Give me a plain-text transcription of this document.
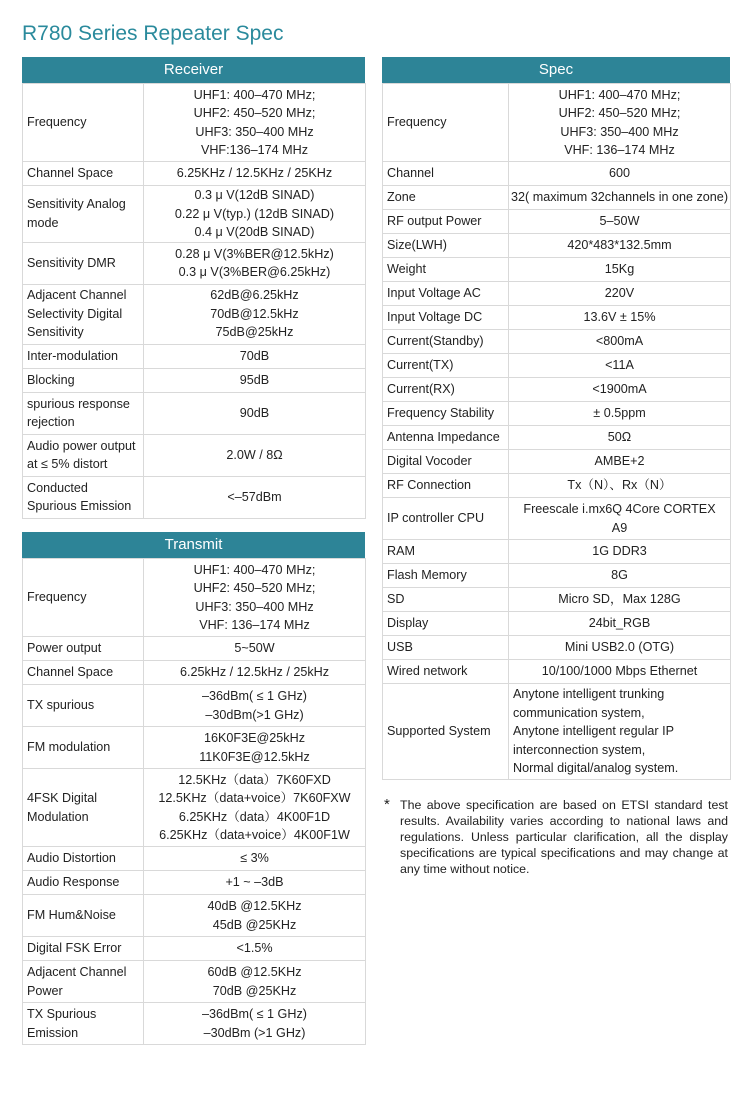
R780 Series Repeater Spec
Receiver
Frequency	UHF1: 400–470 MHz;
UHF2: 450–520 MHz;
UHF3: 350–400 MHz
VHF:136–174 MHz

Channel Space	6.25KHz / 12.5KHz / 25KHz

Sensitivity Analog mode	0.3 μ V(12dB SINAD)
0.22 μ V(typ.) (12dB SINAD)
0.4 μ V(20dB SINAD)

Sensitivity DMR	0.28 μ V(3%BER@12.5kHz)
0.3 μ V(3%BER@6.25kHz)

Adjacent Channel Selectivity Digital Sensitivity	62dB@6.25kHz
70dB@12.5kHz
75dB@25kHz

Inter-modulation	70dB

Blocking	95dB

spurious response rejection	90dB

Audio power output at ≤ 5% distort	2.0W / 8Ω

Conducted Spurious Emission	<–57dBm
Transmit
Frequency	UHF1: 400–470 MHz;
UHF2: 450–520 MHz;
UHF3: 350–400 MHz
VHF: 136–174 MHz

Power output	5~50W

Channel Space	6.25kHz / 12.5kHz / 25kHz

TX spurious	–36dBm( ≤ 1 GHz)
–30dBm(>1 GHz)

FM modulation	16K0F3E@25kHz
11K0F3E@12.5kHz

4FSK Digital Modulation	12.5KHz（data）7K60FXD
12.5KHz（data+voice）7K60FXW
6.25KHz（data）4K00F1D
6.25KHz（data+voice）4K00F1W

Audio Distortion	≤ 3%

Audio Response	+1 ~ –3dB

FM Hum&Noise	40dB @12.5KHz
45dB @25KHz

Digital FSK Error	<1.5%

Adjacent Channel Power	60dB @12.5KHz
70dB @25KHz

TX Spurious Emission	–36dBm( ≤ 1 GHz)
–30dBm (>1 GHz)
Spec
Frequency	UHF1: 400–470 MHz;
UHF2: 450–520 MHz;
UHF3: 350–400 MHz
VHF: 136–174 MHz

Channel	600

Zone	32( maximum 32channels in one zone)

RF output Power	5–50W

Size(LWH)	420*483*132.5mm

Weight	15Kg

Input Voltage AC	220V

Input Voltage DC	13.6V ± 15%

Current(Standby)	<800mA

Current(TX)	<11A

Current(RX)	<1900mA

Frequency Stability	± 0.5ppm

Antenna Impedance	50Ω

Digital Vocoder	AMBE+2

RF Connection	Tx（N）、Rx（N）

IP controller CPU	Freescale i.mx6Q 4Core CORTEX
A9

RAM	1G DDR3

Flash Memory	8G

SD	Micro SD，Max 128G

Display	24bit_RGB

USB	Mini USB2.0 (OTG)

Wired network	10/100/1000 Mbps Ethernet

Supported System	Anytone intelligent trunking
communication system,
Anytone intelligent regular IP
interconnection system,
Normal digital/analog system.
* The above specification are based on ETSI standard test results. Availability varies according to national laws and regulations. Unless particular clarification, all the display specifications are typical specifications and may change at any time without notice.
